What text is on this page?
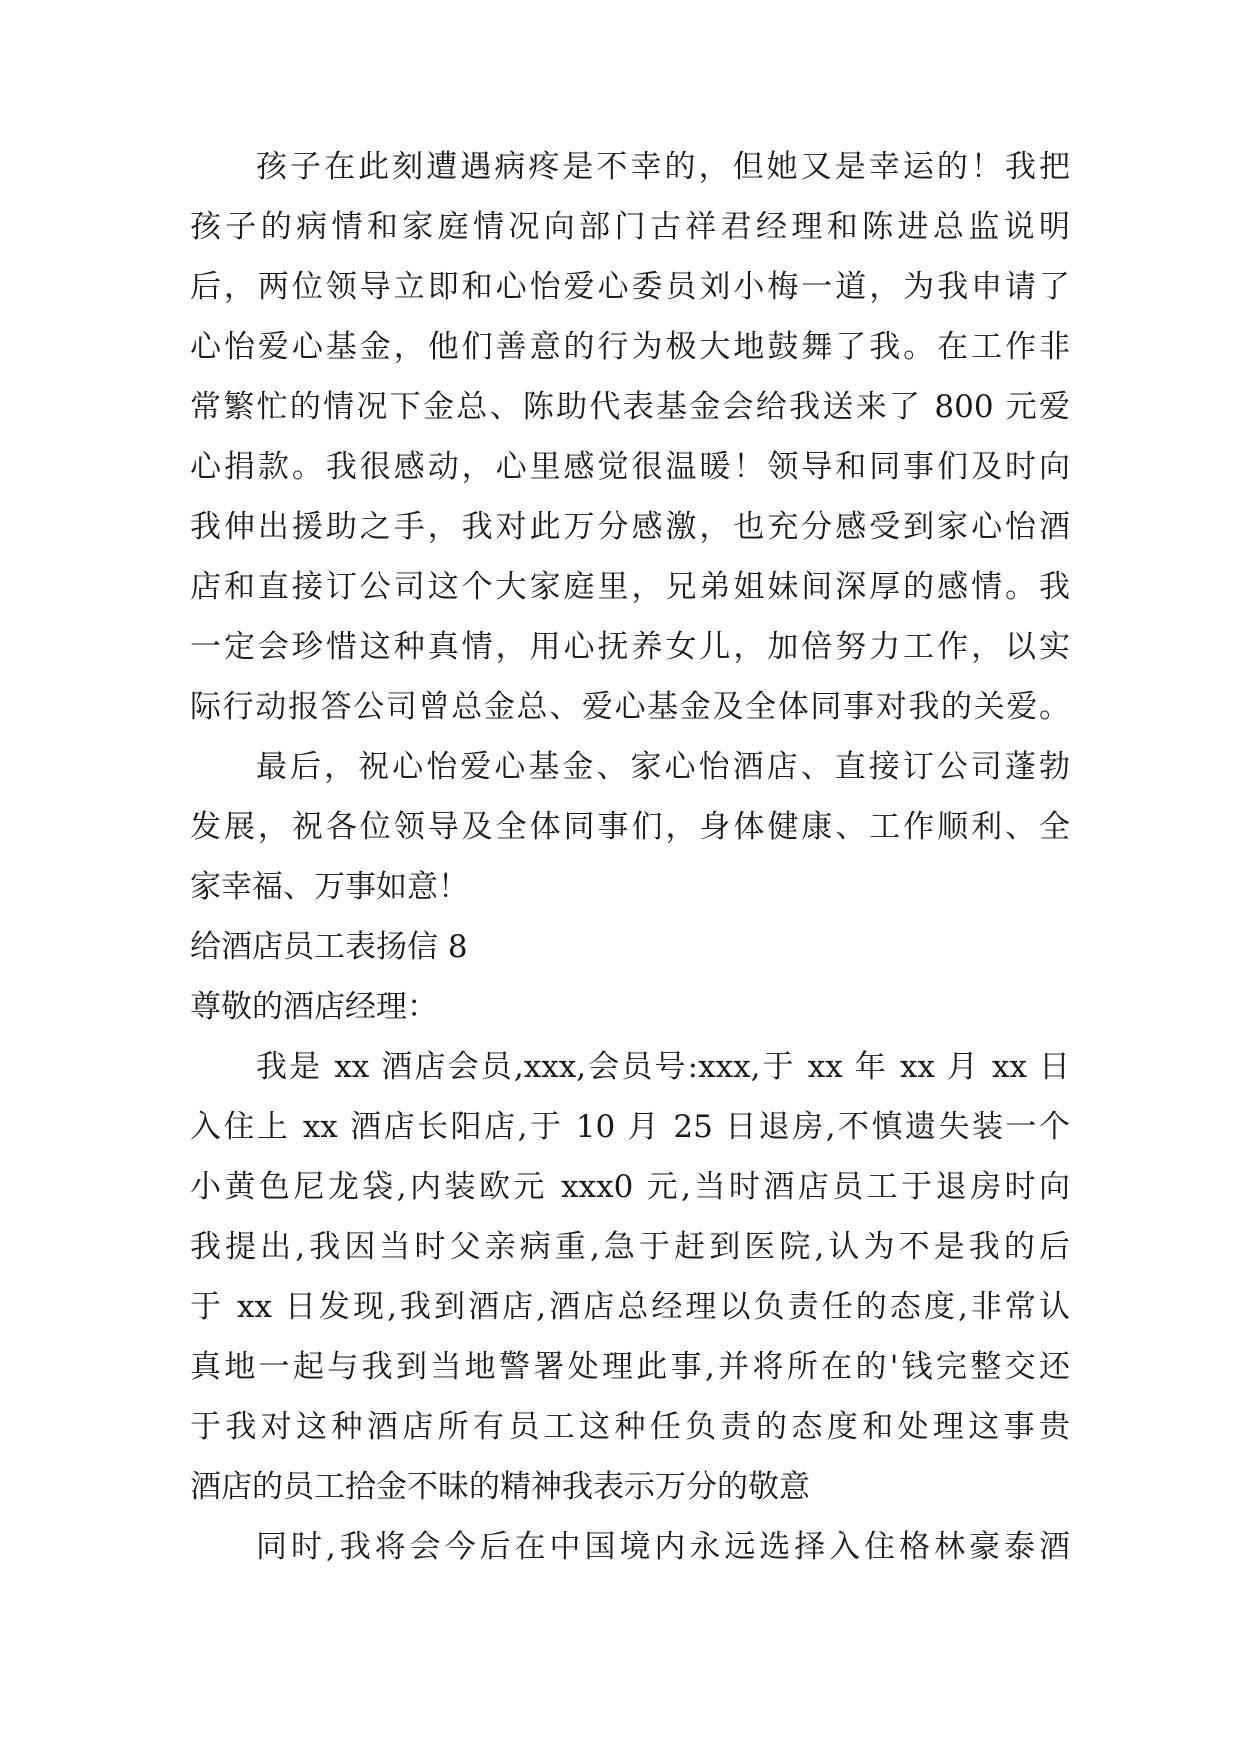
孩子在此刻遭遇病疼是不幸的，但她又是幸运的！我把
孩子的病情和家庭情况向部门古祥君经理和陈进总监说明
后，两位领导立即和心怡爱心委员刘小梅一道，为我申请了
心怡爱心基金，他们善意的行为极大地鼓舞了我。在工作非
常繁忙的情况下金总、陈助代表基金会给我送来了 800 元爱
心捐款。我很感动，心里感觉很温暖！领导和同事们及时向
我伸出援助之手，我对此万分感激，也充分感受到家心怡酒
店和直接订公司这个大家庭里，兄弟姐妹间深厚的感情。我
一定会珍惜这种真情，用心抚养女儿，加倍努力工作，以实
际行动报答公司曾总金总、爱心基金及全体同事对我的关爱。
最后，祝心怡爱心基金、家心怡酒店、直接订公司蓬勃
发展，祝各位领导及全体同事们，身体健康、工作顺利、全
家幸福、万事如意！
给酒店员工表扬信 8
尊敬的酒店经理：
我是 xx 酒店会员,xxx,会员号:xxx,于 xx 年 xx 月 xx 日
入住上 xx 酒店长阳店,于 10 月 25 日退房,不慎遗失装一个
小黄色尼龙袋,内装欧元 xxx0 元,当时酒店员工于退房时向
我提出,我因当时父亲病重,急于赶到医院,认为不是我的后
于 xx 日发现,我到酒店,酒店总经理以负责任的态度,非常认
真地一起与我到当地警署处理此事,并将所在的'钱完整交还
于我对这种酒店所有员工这种任负责的态度和处理这事贵
酒店的员工拾金不昧的精神我表示万分的敬意
同时,我将会今后在中国境内永远选择入住格林豪泰酒
